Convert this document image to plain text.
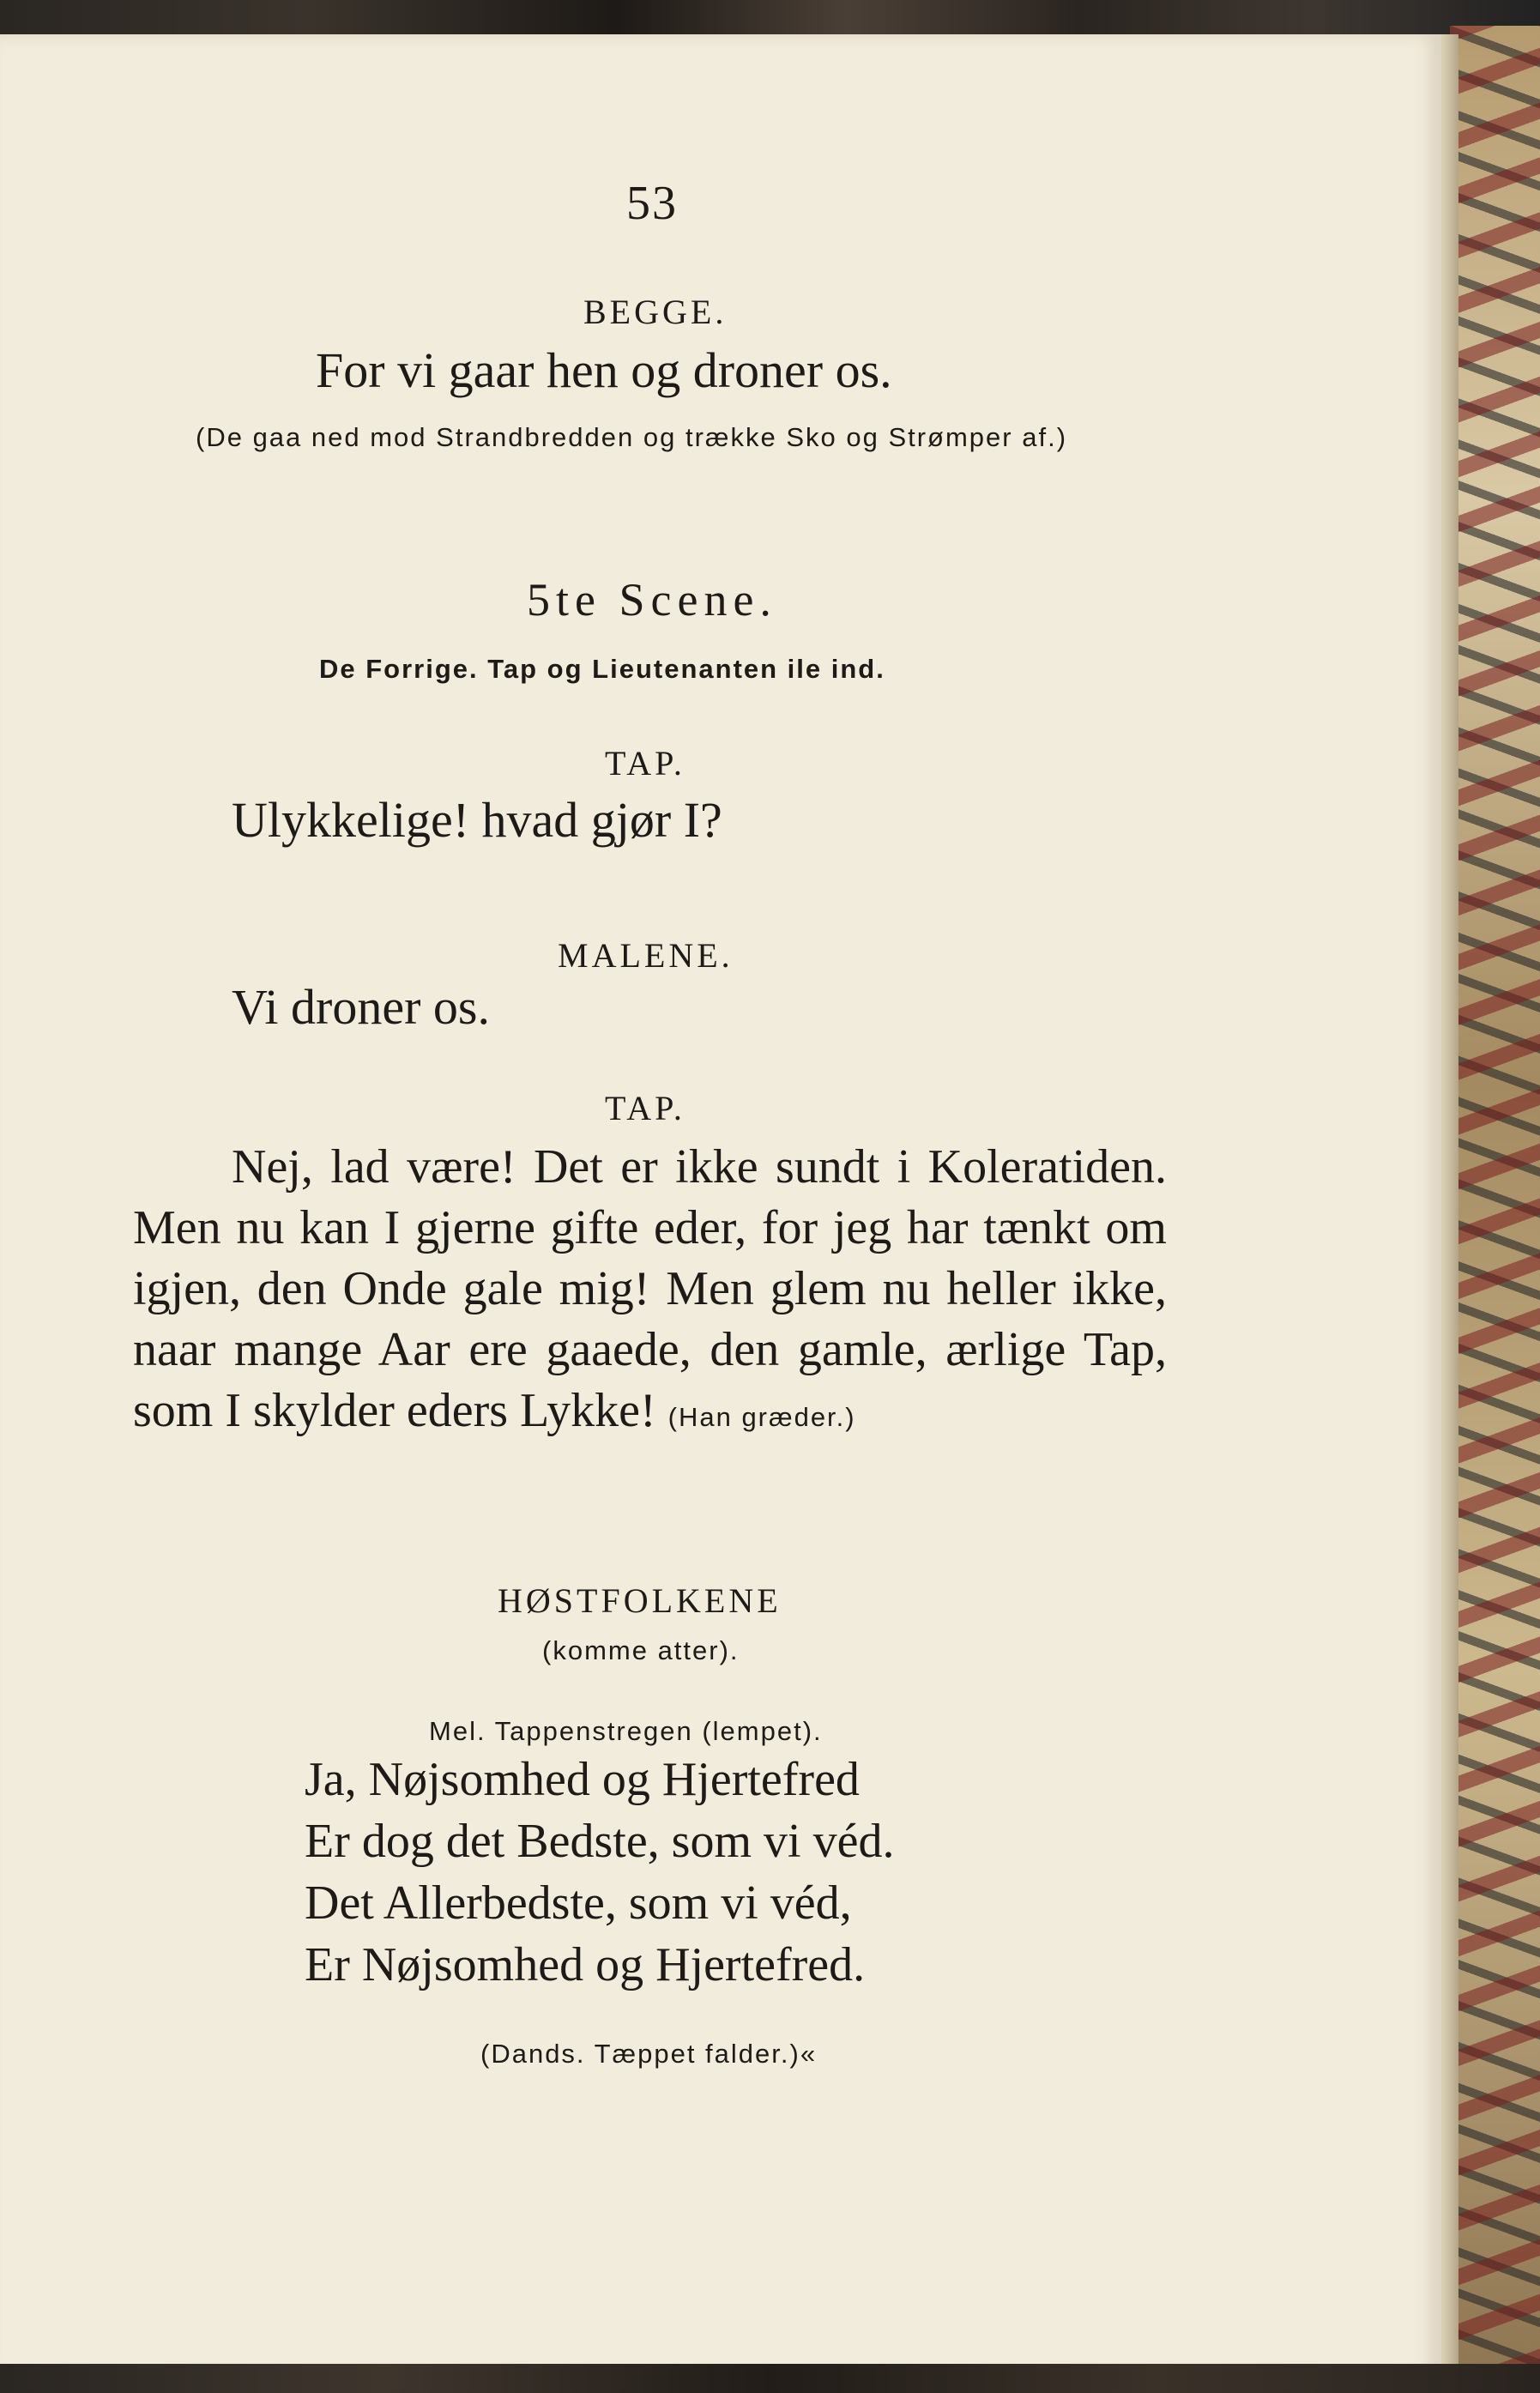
53

BEGGE.

For vi gaar hen og droner os.

(De gaa ned mod Strandbredden og trække Sko og Strømper af.)

5te Scene.

De Forrige. Tap og Lieutenanten ile ind.

TAP.

Ulykkelige! hvad gjør I?

MALENE.

Vi droner os.

TAP.

Nej, lad være! Det er ikke sundt i Koleratiden. Men nu kan I gjerne gifte eder, for jeg har tænkt om igjen, den Onde gale mig! Men glem nu heller ikke, naar mange Aar ere gaaede, den gamle, ærlige Tap, som I skylder eders Lykke! (Han græder.)

HØSTFOLKENE

(komme atter).

Mel. Tappenstregen (lempet).

Ja, Nøjsomhed og Hjertefred

Er dog det Bedste, som vi véd.

Det Allerbedste, som vi véd,

Er Nøjsomhed og Hjertefred.

(Dands. Tæppet falder.)«
